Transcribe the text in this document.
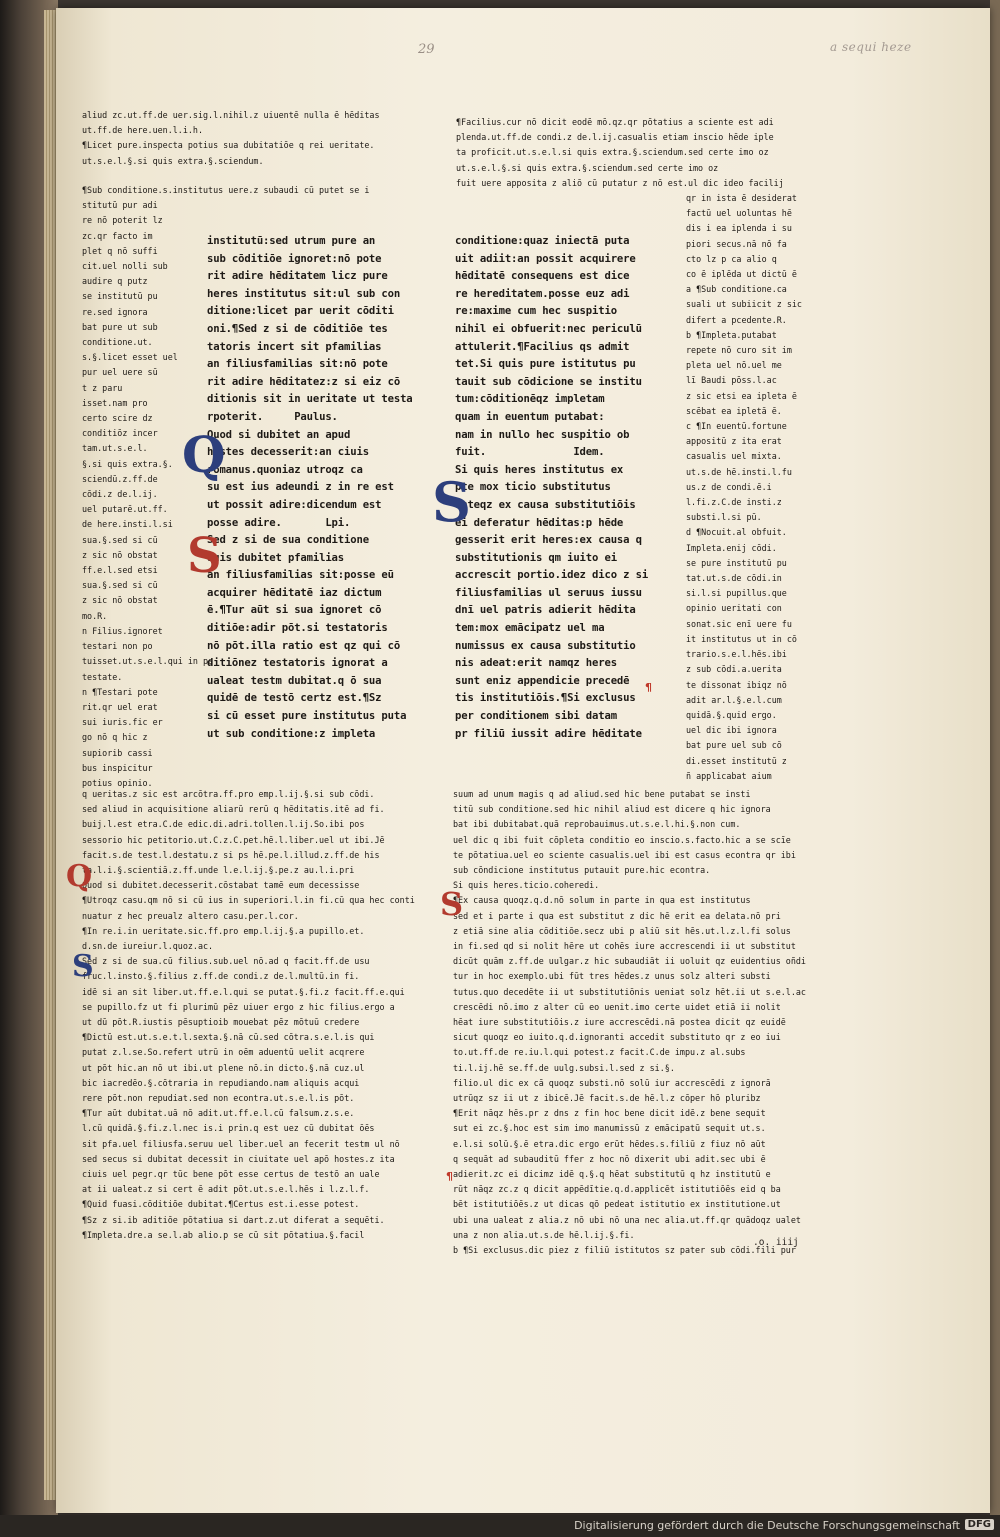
29	a sequi heze
aliud zc.ut.ff.de uer.sig.l.nihil.z uiuentē nulla ē hēditas
ut.ff.de here.uen.l.i.h.
¶Licet pure.inspecta potius sua dubitatiōe q rei ueritate.
ut.s.e.l.§.si quis extra.§.sciendum.
¶Sub conditione.s.institutus uere.z subaudi cū putet se i
stitutū pur adi
re nō poterit lz
zc.qr facto im
plet q nō suffi
cit.uel nolli sub
audire q putz
se institutū pu
re.sed ignora
bat pure ut sub
conditione.ut.
s.§.licet esset uel
pur uel uere sū
t z paru
isset.nam pro
certo scire dz
conditiōz incer
tam.ut.s.e.l.
§.si quis extra.§.
sciendū.z.ff.de
cōdi.z de.l.ij.
uel putarē.ut.ff.
de here.insti.l.si
sua.§.sed si cū
z sic nō obstat
ff.e.l.sed etsi
sua.§.sed si cū
z sic nō obstat
mo.R.
n Filius.ignoret
testari non po
tuisset.ut.s.e.l.qui in po
testate.
n ¶Testari pote
rit.qr uel erat
sui iuris.fic er
go nō q hic z
supiorib cassi
bus inspicitur
potius opinio.
¶Facilius.cur nō dicit eodē mō.qz.qr pōtatius a sciente est adi
plenda.ut.ff.de condi.z de.l.ij.casualis etiam inscio hēde iple
ta proficit.ut.s.e.l.si quis extra.§.sciendum.sed certe imo oz
ut.s.e.l.§.si quis extra.§.sciendum.sed certe imo oz
fuit uere apposita z aliō cū putatur z nō est.ul dic ideo facilij
qr in ista ē desiderat
factū uel uoluntas hē
dis i ea iplenda i su
piori secus.nā nō fa
cto lz p ca alio q
co ē iplēda ut dictū ē
a ¶Sub conditione.ca
suali ut subiicit z sic
difert a pcedente.R.
b ¶Impleta.putabat
repete nō curo sit im
pleta uel nō.uel me
lī Baudi pōss.l.ac
z sic etsi ea ipleta ē
scēbat ea ipletā ē.
c ¶In euentū.fortune
appositū z ita erat
casualis uel mixta.
ut.s.de hē.insti.l.fu
us.z de condi.ē.i
l.fi.z.C.de insti.z
substi.l.si pū.
d ¶Nocuit.al obfuit.
Impleta.enij cōdi.
se pure institutū pu
tat.ut.s.de cōdi.in
si.l.si pupillus.que
opinio ueritati con
sonat.sic enī uere fu
it institutus ut in cō
trario.s.e.l.hēs.ibi
z sub cōdi.a.uerita
te dissonat ibiqz nō
adit ar.l.§.e.l.cum
quidā.§.quid ergo.
uel dic ibi ignora
bat pure uel sub cō
di.esset institutū z
ñ applicabat aium
institutū:sed utrum pure an
sub cōditiōe ignoret:nō pote
rit adire hēditatem licz pure
heres institutus sit:ul sub con
ditione:licet par uerit cōditi
oni.¶Sed z si de cōditiōe tes
tatoris incert sit pfamilias
an filiusfamilias sit:nō pote
rit adire hēditatez:z si eiz cō
ditionis sit in ueritate ut testa
rpoterit.     Paulus.
Quod si dubitet an apud
hostes decesserit:an ciuis
romanus.quoniaz utroqz ca
su est ius adeundi z in re est
ut possit adire:dicendum est
posse adire.       Lpi.
Sed z si de sua conditione
quis dubitet pfamilias
an filiusfamilias sit:posse eū
acquirer hēditatē iaz dictum
ē.¶Tur aūt si sua ignoret cō
ditiōe:adir pōt.si testatoris
nō pōt.illa ratio est qz qui cō
ditiōnez testatoris ignorat a
ualeat testm dubitat.q ō sua
quidē de testō certz est.¶Sz
si cū esset pure institutus puta
ut sub conditione:z impleta
conditione:quaz iniectā puta
uit adiit:an possit acquirere
hēditatē consequens est dice
re hereditatem.posse euz adi
re:maxime cum hec suspitio
nihil ei obfuerit:nec periculū
attulerit.¶Facilius qs admit
tet.Si quis pure istitutus pu
tauit sub cōdicione se institu
tum:cōditionēqz impletam
quam in euentum putabat:
nam in nullo hec suspitio ob
fuit.              Idem.
Si quis heres institutus ex
pte mox ticio substitutus
anteqz ex causa substitutiōis
ei deferatur hēditas:p hēde
gesserit erit heres:ex causa q
substitutionis qm iuito ei
accrescit portio.idez dico z si
filiusfamilias ul seruus iussu
dnī uel patris adierit hēdita
tem:mox emācipatz uel ma
numissus ex causa substitutio
nis adeat:erit namqz heres
sunt eniz appendicie precedē
tis institutiōis.¶Si exclusus
per conditionem sibi datam
pr filiū iussit adire hēditate
q ueritas.z sic est arcōtra.ff.pro emp.l.ij.§.si sub cōdi.
sed aliud in acquisitione aliarū rerū q hēditatis.itē ad fi.
buij.l.est etra.C.de edic.di.adri.tollen.l.ij.So.ibi pos
sessorio hic petitorio.ut.C.z.C.pet.hē.l.liber.uel ut ibi.Jē
facit.s.de test.l.destatu.z si ps hē.pe.l.illud.z.ff.de his
ta.l.i.§.scientiā.z.ff.unde l.e.l.ij.§.pe.z au.l.i.pri
Quod si dubitet.decesserit.cōstabat tamē eum decessisse
¶Utroqz casu.qm nō si cū ius in superiori.l.in fi.cū qua hec conti
nuatur z hec preualz altero casu.per.l.cor.
¶In re.i.in ueritate.sic.ff.pro emp.l.ij.§.a pupillo.et.
d.sn.de iureiur.l.quoz.ac.
Sed z si de sua.cū filius.sub.uel nō.ad q facit.ff.de usu
fruc.l.insto.§.filius z.ff.de condi.z de.l.multū.in fi.
idē si an sit liber.ut.ff.e.l.qui se putat.§.fi.z facit.ff.e.qui
se pupillo.fz ut fi plurimū pēz uiuer ergo z hic filius.ergo a
ut dū pōt.R.iustis pēsuptioib mouebat pēz mōtuū credere
¶Dictū est.ut.s.e.t.l.sexta.§.nā cū.sed cōtra.s.e.l.is qui
putat z.l.se.So.refert utrū in oēm aduentū uelit acqrere
ut pōt hic.an nō ut ibi.ut plene nō.in dicto.§.nā cuz.ul
bic iacredēo.§.cōtraria in repudiando.nam aliquis acqui
rere pōt.non repudiat.sed non econtra.ut.s.e.l.is pōt.
¶Tur aūt dubitat.uā nō adit.ut.ff.e.l.cū falsum.z.s.e.
l.cū quidā.§.fi.z.l.nec is.i prin.q est uez cū dubitat ōēs
sit pfa.uel filiusfa.seruu uel liber.uel an fecerit testm ul nō
sed secus si dubitat decessit in ciuitate uel apō hostes.z ita
ciuis uel pegr.qr tūc bene pōt esse certus de testō an uale
at ii ualeat.z si cert ē adit pōt.ut.s.e.l.hēs i l.z.l.f.
¶Quid fuasi.cōditiōe dubitat.¶Certus est.i.esse potest.
¶Sz z si.ib aditiōe pōtatiua si dart.z.ut diferat a sequēti.
¶Impleta.dre.a se.l.ab alio.p se cū sit pōtatiua.§.facil
suum ad unum magis q ad aliud.sed hic bene putabat se insti
titū sub conditione.sed hic nihil aliud est dicere q hic ignora
bat ibi dubitabat.quā reprobauimus.ut.s.e.l.hi.§.non cum.
uel dic q ibi fuit cōpleta conditio eo inscio.s.facto.hic a se scīe
te pōtatiua.uel eo sciente casualis.uel ibi est casus econtra qr ibi
sub cōndicione institutus putauit pure.hic econtra.
Si quis heres.ticio.coheredi.
¶Ex causa quoqz.q.d.nō solum in parte in qua est institutus
sed et i parte i qua est substitut z dic hē erit ea delata.nō pri
z etiā sine alia cōditiōe.secz ubi p aliū sit hēs.ut.l.z.l.fi solus
in fi.sed qd si nolit hēre ut cohēs iure accrescendi ii ut substitut
dicūt quām z.ff.de uulgar.z hic subaudiāt ii uoluit qz euidentius oñdi
tur in hoc exemplo.ubi fūt tres hēdes.z unus solz alteri substi
tutus.quo decedēte ii ut substitutiōnis ueniat solz hēt.ii ut s.e.l.ac
crescēdi nō.imo z alter cū eo uenit.imo certe uidet etiā ii nolit
hēat iure substitutiōis.z iure accrescēdi.nā postea dicit qz euidē
sicut quoqz eo iuito.q.d.ignoranti accedit substituto qr z eo iui
to.ut.ff.de re.iu.l.qui potest.z facit.C.de impu.z al.subs
ti.l.ij.hē se.ff.de uulg.subsi.l.sed z si.§.
filio.ul dic ex cā quoqz substi.nō solū iur accrescēdi z ignorā
utrūqz sz ii ut z ibicē.Jē facit.s.de hē.l.z cōper hō pluribz
¶Erit nāqz hēs.pr z dns z fin hoc bene dicit idē.z bene sequit
sut ei zc.§.hoc est sim imo manumissū z emācipatū sequit ut.s.
e.l.si solū.§.ē etra.dic ergo erūt hēdes.s.filiū z fiuz nō aūt
q sequāt ad subauditū ffer z hoc nō dixerit ubi adit.sec ubi ē
adierit.zc ei dicimz idē q.§.q hēat substitutū q hz institutū e
rūt nāqz zc.z q dicit appēdītie.q.d.applicēt istitutiōēs eid q ba
bēt istitutiōēs.z ut dicas qō pedeat istitutio ex institutione.ut
ubi una ualeat z alia.z nō ubi nō una nec alia.ut.ff.qr quādoqz ualet
una z non alia.ut.s.de hē.l.ij.§.fi.
b ¶Si exclusus.dic piez z filiū istitutos sz pater sub cōdi.fili pur
Q
S
S
Q
S
S
¶
¶
.o. iiij
Digitalisierung gefördert durch die Deutsche Forschungsgemeinschaft DFG
